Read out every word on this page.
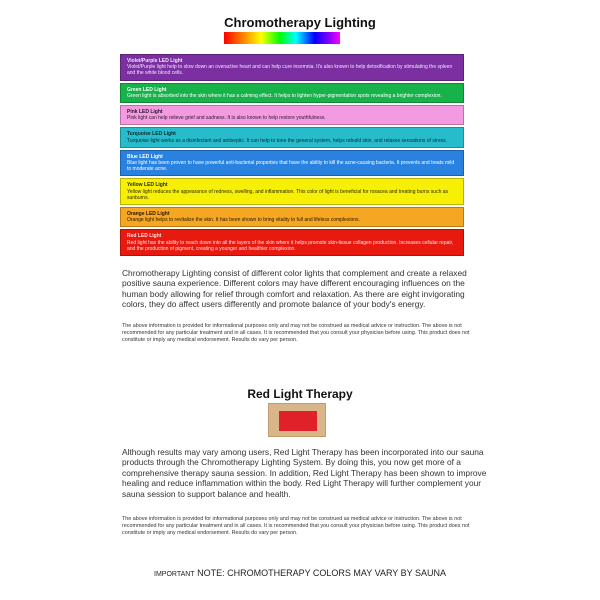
Chromotherapy Lighting
Violet/Purple LED Light
Violet/Purple light help to slow down an overactive heart and can help cure insomnia. It's also known to help detoxification by stimulating the spleen and the white blood cells.
Green LED Light
Green light is absorbed into the skin where it has a calming effect. It helps to lighten hyper-pigmentation spots revealing a brighter complexion.
Pink LED Light
Pink light can help relieve grief and sadness. It is also known to help restore youthfulness.
Turquoise LED Light
Turquoise light works as a disinfectant and antiseptic. It can help to tone the general system, helps rebuild skin, and relaxes sensations of stress.
Blue LED Light
Blue light has been proven to have powerful anti-bacterial properties that have the ability to kill the acne-causing bacteria. It prevents and treats mild to moderate acne.
Yellow LED Light
Yellow light reduces the appearance of redness, swelling, and inflammation. This color of light is beneficial for rosacea and treating burns such as sunburns.
Orange LED Light
Orange light helps to revitalize the skin. It has been shown to bring vitality to full and lifeless complexions.
Red LED Light
Red light has the ability to reach down into all the layers of the skin where it helps promote skin-tissue collagen production. Increases cellular repair, and the production of pigment, creating a younger and healthier complexion.
Chromotherapy Lighting consist of different color lights that complement and create a relaxed positive sauna experience. Different colors may have different encouraging influences on the human body allowing for relief through comfort and relaxation. As there are eight invigorating colors, they do affect users differently and promote balance of your body's energy.
The above information is provided for informational purposes only and may not be construed as medical advice or instruction. The above is not recommended for any particular treatment and in all cases. It is recommended that you consult your physician before using. This product does not constitute or imply any medical endorsement. Results do vary per person.
Red Light Therapy
Although results may vary among users, Red Light Therapy has been incorporated into our sauna products through the Chromotherapy Lighting System. By doing this, you now get more of a comprehensive therapy sauna session. In addition, Red Light Therapy has been shown to improve healing and reduce inflammation within the body. Red Light Therapy will further complement your sauna session to support balance and health.
The above information is provided for informational purposes only and may not be construed as medical advice or instruction. The above is not recommended for any particular treatment and in all cases. It is recommended that you consult your physician before using. This product does not constitute or imply any medical endorsement. Results do vary per person.
IMPORTANT NOTE: CHROMOTHERAPY COLORS MAY VARY BY SAUNA
